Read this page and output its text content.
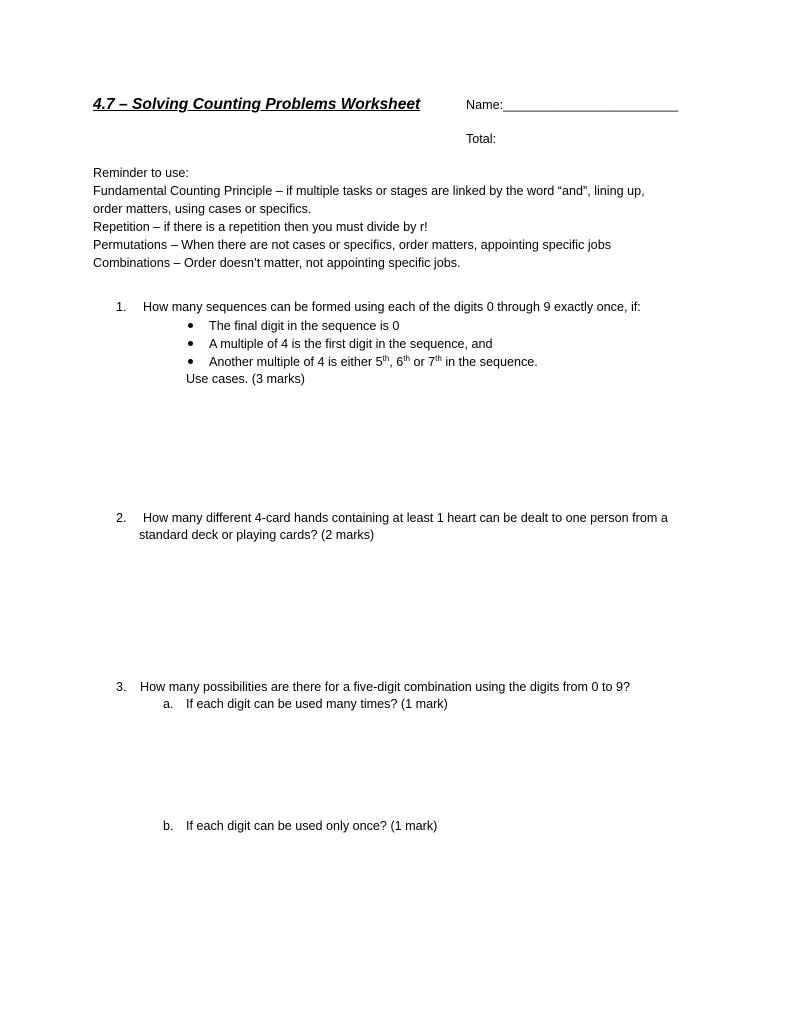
4.7 – Solving Counting Problems Worksheet	Name:_________________________
Total:
Reminder to use:
Fundamental Counting Principle – if multiple tasks or stages are linked by the word “and”, lining up,
order matters, using cases or specifics.
Repetition – if there is a repetition then you must divide by r!
Permutations – When there are not cases or specifics, order matters, appointing specific jobs
Combinations – Order doesn’t matter, not appointing specific jobs.
1. How many sequences can be formed using each of the digits 0 through 9 exactly once, if:
The final digit in the sequence is 0
A multiple of 4 is the first digit in the sequence, and
Another multiple of 4 is either 5th, 6th or 7th in the sequence.
Use cases. (3 marks)
2. How many different 4-card hands containing at least 1 heart can be dealt to one person from a
standard deck or playing cards? (2 marks)
3. How many possibilities are there for a five-digit combination using the digits from 0 to 9?
a. If each digit can be used many times? (1 mark)
b. If each digit can be used only once? (1 mark)
